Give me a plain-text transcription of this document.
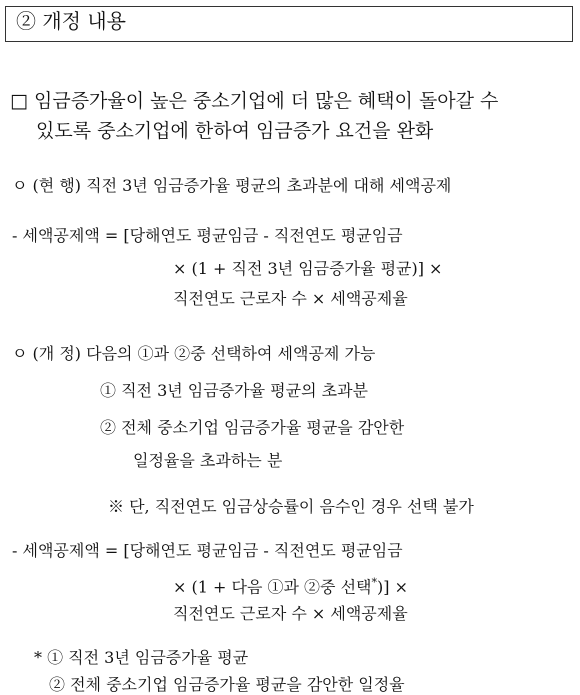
② 개정 내용
□ 임금증가율이 높은 중소기업에 더 많은 혜택이 돌아갈 수
있도록 중소기업에 한하여 임금증가 요건을 완화
ㅇ (현 행) 직전 3년 임금증가율 평균의 초과분에 대해 세액공제
- 세액공제액 = [당해연도 평균임금 - 직전연도 평균임금
× (1 + 직전 3년 임금증가율 평균)] ×
직전연도 근로자 수 × 세액공제율
ㅇ (개 정) 다음의 ①과 ②중 선택하여 세액공제 가능
① 직전 3년 임금증가율 평균의 초과분
② 전체 중소기업 임금증가율 평균을 감안한
일정율을 초과하는 분
※ 단, 직전연도 임금상승률이 음수인 경우 선택 불가
- 세액공제액 = [당해연도 평균임금 - 직전연도 평균임금
× (1 + 다음 ①과 ②중 선택*)] ×
직전연도 근로자 수 × 세액공제율
* ① 직전 3년 임금증가율 평균
② 전체 중소기업 임금증가율 평균을 감안한 일정율
